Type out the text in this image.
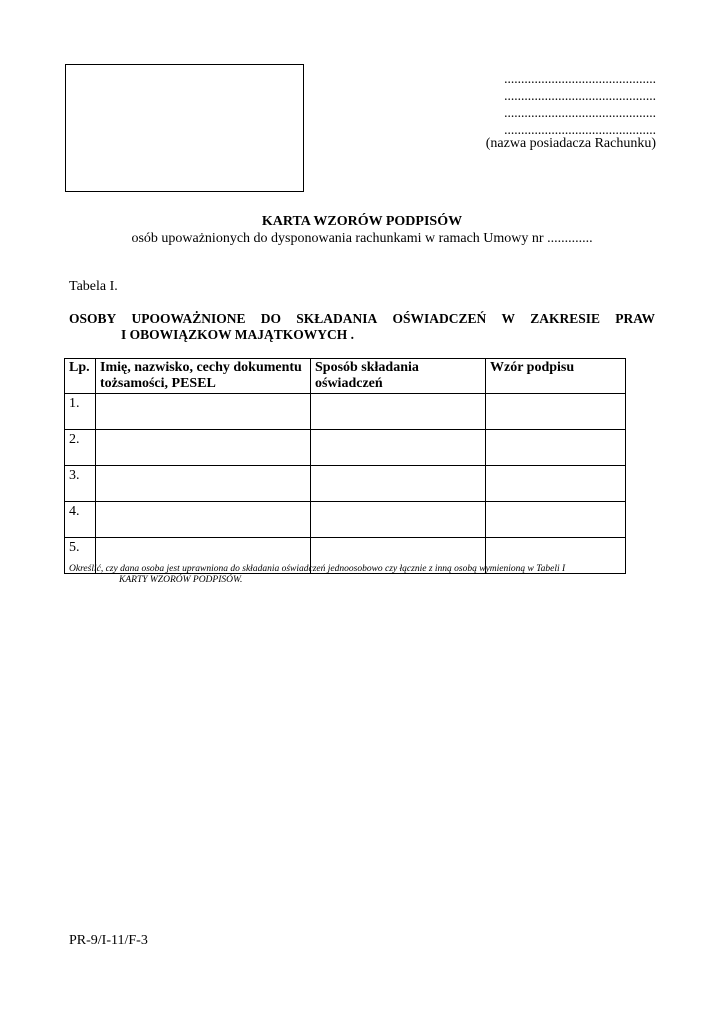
.............................................
.............................................
.............................................
.............................................
(nazwa posiadacza Rachunku)
KARTA WZORÓW PODPISÓW
osób upoważnionych do dysponowania rachunkami w ramach Umowy nr .............
Tabela I.
OSOBY UPOOWAŻNIONE DO SKŁADANIA OŚWIADCZEŃ W ZAKRESIE PRAW
I OBOWIĄZKOW MAJĄTKOWYCH .
Lp.	Imię, nazwisko, cechy dokumentu tożsamości, PESEL	Sposób składania oświadczeń	Wzór podpisu
1.			
2.			
3.			
4.			
5.			
Określić, czy dana osoba jest uprawniona do składania oświadczeń jednoosobowo czy łącznie z inną osobą wymienioną w Tabeli I
KARTY WZORÓW PODPISÓW.
PR-9/I-11/F-3
